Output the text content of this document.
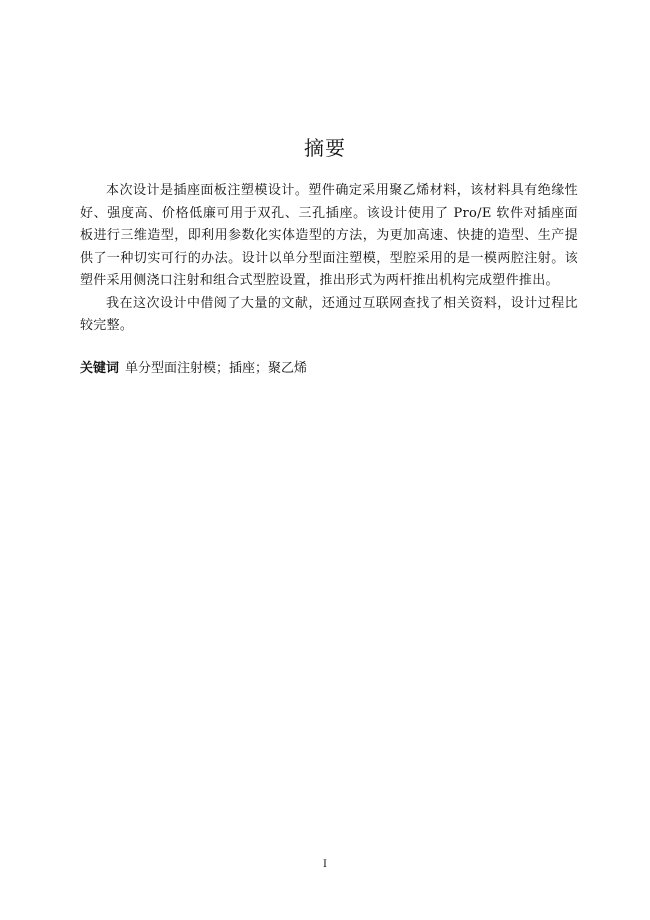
摘要

本次设计是插座面板注塑模设计。塑件确定采用聚乙烯材料，该材料具有绝缘性好、强度高、价格低廉可用于双孔、三孔插座。该设计使用了 Pro/E 软件对插座面板进行三维造型，即利用参数化实体造型的方法，为更加高速、快捷的造型、生产提供了一种切实可行的办法。设计以单分型面注塑模，型腔采用的是一模两腔注射。该塑件采用侧浇口注射和组合式型腔设置，推出形式为两杆推出机构完成塑件推出。

我在这次设计中借阅了大量的文献，还通过互联网查找了相关资料，设计过程比较完整。

关键词 单分型面注射模；插座；聚乙烯
I
